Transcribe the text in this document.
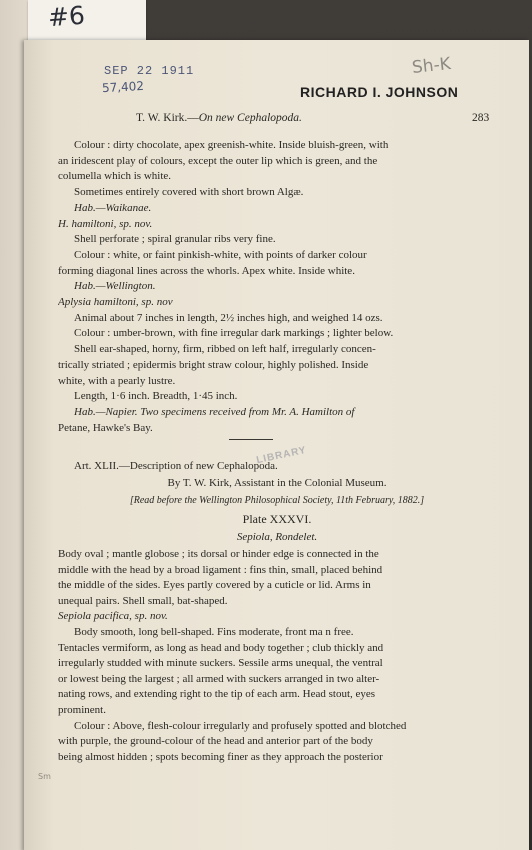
#6
SEP 22 1911
57,402	RICHARD I. JOHNSON
Sh-K
T. W. Kirk.—On new Cephalopoda.	283
Colour : dirty chocolate, apex greenish-white. Inside bluish-green, with
an iridescent play of colours, except the outer lip which is green, and the
columella which is white.
Sometimes entirely covered with short brown Algæ.
Hab.—Waikanae.
H. hamiltoni, sp. nov.
Shell perforate ; spiral granular ribs very fine.
Colour : white, or faint pinkish-white, with points of darker colour
forming diagonal lines across the whorls. Apex white. Inside white.
Hab.—Wellington.
Aplysia hamiltoni, sp. nov
Animal about 7 inches in length, 2½ inches high, and weighed 14 ozs.
Colour : umber-brown, with fine irregular dark markings ; lighter below.
Shell ear-shaped, horny, firm, ribbed on left half, irregularly concen-
trically striated ; epidermis bright straw colour, highly polished. Inside
white, with a pearly lustre.
Length, 1·6 inch. Breadth, 1·45 inch.
Hab.—Napier. Two specimens received from Mr. A. Hamilton of
Petane, Hawke's Bay.
LIBRARY
Art. XLII.—Description of new Cephalopoda.
By T. W. Kirk, Assistant in the Colonial Museum.
[Read before the Wellington Philosophical Society, 11th February, 1882.]
Plate XXXVI.
Sepiola, Rondelet.
Body oval ; mantle globose ; its dorsal or hinder edge is connected in the
middle with the head by a broad ligament : fins thin, small, placed behind
the middle of the sides. Eyes partly covered by a cuticle or lid. Arms in
unequal pairs. Shell small, bat-shaped.
Sepiola pacifica, sp. nov.
Body smooth, long bell-shaped. Fins moderate, front ma n free.
Tentacles vermiform, as long as head and body together ; club thickly and
irregularly studded with minute suckers. Sessile arms unequal, the ventral
or lowest being the largest ; all armed with suckers arranged in two alter-
nating rows, and extending right to the tip of each arm. Head stout, eyes
prominent.
Colour : Above, flesh-colour irregularly and profusely spotted and blotched
with purple, the ground-colour of the head and anterior part of the body
being almost hidden ; spots becoming finer as they approach the posterior
Sm
